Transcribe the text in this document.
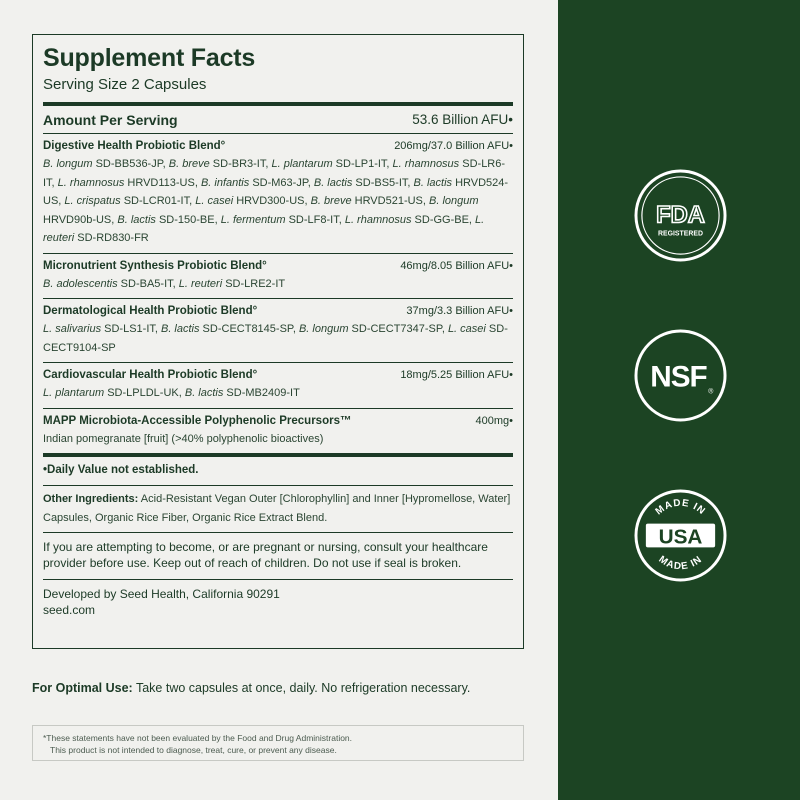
Supplement Facts
Serving Size 2 Capsules
Amount Per Serving	53.6 Billion AFU•
Digestive Health Probiotic Blend°	206mg/37.0 Billion AFU•
B. longum SD-BB536-JP, B. breve SD-BR3-IT, L. plantarum SD-LP1-IT, L. rhamnosus SD-LR6-IT, L. rhamnosus HRVD113-US, B. infantis SD-M63-JP, B. lactis SD-BS5-IT, B. lactis HRVD524-US, L. crispatus SD-LCR01-IT, L. casei HRVD300-US, B. breve HRVD521-US, B. longum HRVD90b-US, B. lactis SD-150-BE, L. fermentum SD-LF8-IT, L. rhamnosus SD-GG-BE, L. reuteri SD-RD830-FR
Micronutrient Synthesis Probiotic Blend°	46mg/8.05 Billion AFU•
B. adolescentis SD-BA5-IT, L. reuteri SD-LRE2-IT
Dermatological Health Probiotic Blend°	37mg/3.3 Billion AFU•
L. salivarius SD-LS1-IT, B. lactis SD-CECT8145-SP, B. longum SD-CECT7347-SP, L. casei SD-CECT9104-SP
Cardiovascular Health Probiotic Blend°	18mg/5.25 Billion AFU•
L. plantarum SD-LPLDL-UK, B. lactis SD-MB2409-IT
MAPP Microbiota-Accessible Polyphenolic Precursors™	400mg•
Indian pomegranate [fruit] (>40% polyphenolic bioactives)
•Daily Value not established.
Other Ingredients: Acid-Resistant Vegan Outer [Chlorophyllin] and Inner [Hypromellose, Water] Capsules, Organic Rice Fiber, Organic Rice Extract Blend.
If you are attempting to become, or are pregnant or nursing, consult your healthcare provider before use. Keep out of reach of children. Do not use if seal is broken.
Developed by Seed Health, California 90291
seed.com
For Optimal Use: Take two capsules at once, daily. No refrigeration necessary.
*These statements have not been evaluated by the Food and Drug Administration.
This product is not intended to diagnose, treat, cure, or prevent any disease.
FDA
REGISTERED
NSF ®
MADE IN
MADE IN
USA
